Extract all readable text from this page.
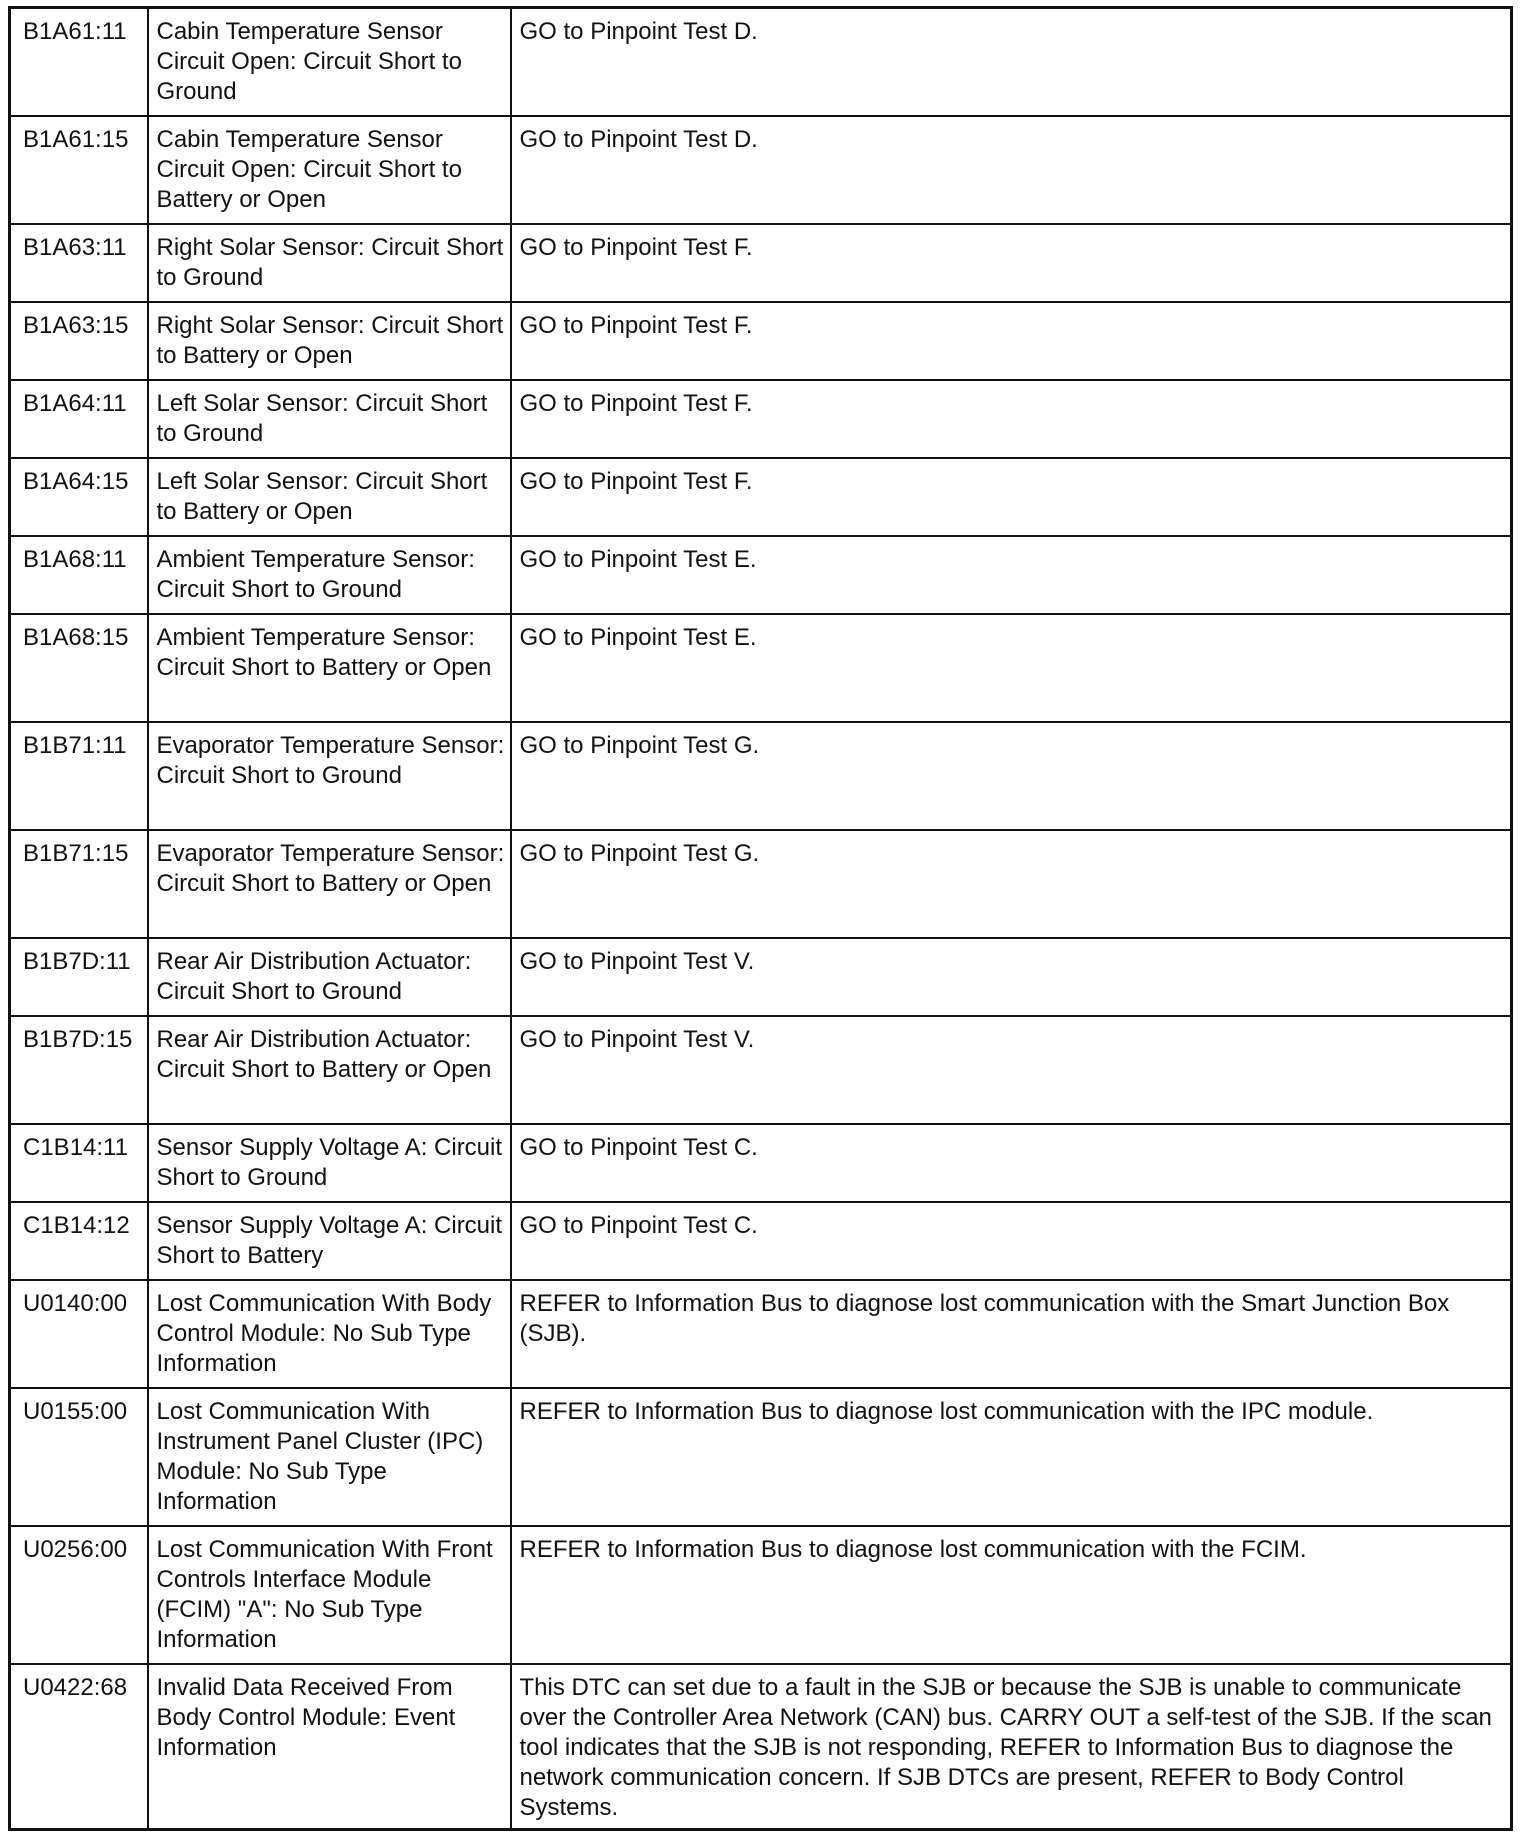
B1A61:11	Cabin Temperature Sensor Circuit Open: Circuit Short to Ground	GO to Pinpoint Test D.
B1A61:15	Cabin Temperature Sensor Circuit Open: Circuit Short to Battery or Open	GO to Pinpoint Test D.
B1A63:11	Right Solar Sensor: Circuit Short to Ground	GO to Pinpoint Test F.
B1A63:15	Right Solar Sensor: Circuit Short to Battery or Open	GO to Pinpoint Test F.
B1A64:11	Left Solar Sensor: Circuit Short to Ground	GO to Pinpoint Test F.
B1A64:15	Left Solar Sensor: Circuit Short to Battery or Open	GO to Pinpoint Test F.
B1A68:11	Ambient Temperature Sensor: Circuit Short to Ground	GO to Pinpoint Test E.
B1A68:15	Ambient Temperature Sensor: Circuit Short to Battery or Open	GO to Pinpoint Test E.
B1B71:11	Evaporator Temperature Sensor: Circuit Short to Ground	GO to Pinpoint Test G.
B1B71:15	Evaporator Temperature Sensor: Circuit Short to Battery or Open	GO to Pinpoint Test G.
B1B7D:11	Rear Air Distribution Actuator: Circuit Short to Ground	GO to Pinpoint Test V.
B1B7D:15	Rear Air Distribution Actuator: Circuit Short to Battery or Open	GO to Pinpoint Test V.
C1B14:11	Sensor Supply Voltage A: Circuit Short to Ground	GO to Pinpoint Test C.
C1B14:12	Sensor Supply Voltage A: Circuit Short to Battery	GO to Pinpoint Test C.
U0140:00	Lost Communication With Body Control Module: No Sub Type Information	REFER to Information Bus to diagnose lost communication with the Smart Junction Box (SJB).
U0155:00	Lost Communication With Instrument Panel Cluster (IPC) Module: No Sub Type Information	REFER to Information Bus to diagnose lost communication with the IPC module.
U0256:00	Lost Communication With Front Controls Interface Module (FCIM) "A": No Sub Type Information	REFER to Information Bus to diagnose lost communication with the FCIM.
U0422:68	Invalid Data Received From Body Control Module: Event Information	This DTC can set due to a fault in the SJB or because the SJB is unable to communicate over the Controller Area Network (CAN) bus. CARRY OUT a self-test of the SJB. If the scan tool indicates that the SJB is not responding, REFER to Information Bus to diagnose the network communication concern. If SJB DTCs are present, REFER to Body Control Systems.
